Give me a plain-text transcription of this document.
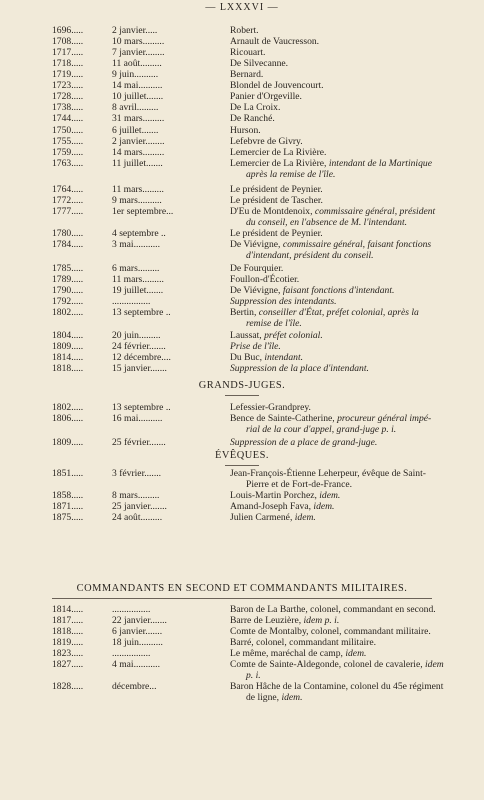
— LXXXVI —
1696.....	2 janvier.....	Robert.
1708.....	10 mars.........	Arnault de Vaucresson.
1717.....	7 janvier........	Ricouart.
1718.....	11 août.........	De Silvecanne.
1719.....	9 juin..........	Bernard.
1723.....	14 mai..........	Blondel de Jouvencourt.
1728.....	10 juillet.......	Panier d'Orgeville.
1738.....	8 avril.........	De La Croix.
1744.....	31 mars.........	De Ranché.
1750.....	6 juillet.......	Hurson.
1755.....	2 janvier........	Lefebvre de Givry.
1759.....	14 mars.........	Lemercier de La Rivière.
1763.....	11 juillet.......	Lemercier de La Rivière, intendant de la Martinique
après la remise de l'île.
1764.....	11 mars.........	Le président de Peynier.
1772.....	9 mars..........	Le président de Tascher.
1777.....	1er septembre...	D'Eu de Montdenoix, commissaire général, président
du conseil, en l'absence de M. l'intendant.
1780.....	4 septembre ..	Le président de Peynier.
1784.....	3 mai...........	De Viévigne, commissaire général, faisant fonctions
d'intendant, président du conseil.
1785.....	6 mars.........	De Fourquier.
1789.....	11 mars.........	Foullon-d'Écotier.
1790.....	19 juillet.......	De Viévigne, faisant fonctions d'intendant.
1792.....	................	Suppression des intendants.
1802.....	13 septembre ..	Bertin, conseiller d'État, préfet colonial, après la
remise de l'île.
1804.....	20 juin.........	Laussat, préfet colonial.
1809.....	24 février.......	Prise de l'île.
1814.....	12 décembre....	Du Buc, intendant.
1818.....	15 janvier.......	Suppression de la place d'intendant.
GRANDS-JUGES.
1802.....	13 septembre ..	Lefessier-Grandprey.
1806.....	16 mai..........	Bence de Sainte-Catherine, procureur général impé-
rial de la cour d'appel, grand-juge p. i.
1809.....	25 février.......	Suppression de a place de grand-juge.
ÉVÊQUES.
1851.....	3 février.......	Jean-François-Étienne Leherpeur, évêque de Saint-
Pierre et de Fort-de-France.
1858.....	8 mars.........	Louis-Martin Porchez, idem.
1871.....	25 janvier.......	Amand-Joseph Fava, idem.
1875.....	24 août.........	Julien Carmené, idem.
COMMANDANTS EN SECOND ET COMMANDANTS MILITAIRES.
1814.....	................	Baron de La Barthe, colonel, commandant en second.
1817.....	22 janvier.......	Barre de Leuzière, idem p. i.
1818.....	6 janvier.......	Comte de Montalby, colonel, commandant militaire.
1819.....	18 juin..........	Barré, colonel, commandant militaire.
1823.....	................	Le même, maréchal de camp, idem.
1827.....	4 mai...........	Comte de Sainte-Aldegonde, colonel de cavalerie, idem
p. i.
1828.....	décembre...	Baron Hâche de la Contamine, colonel du 45e régiment
de ligne, idem.
